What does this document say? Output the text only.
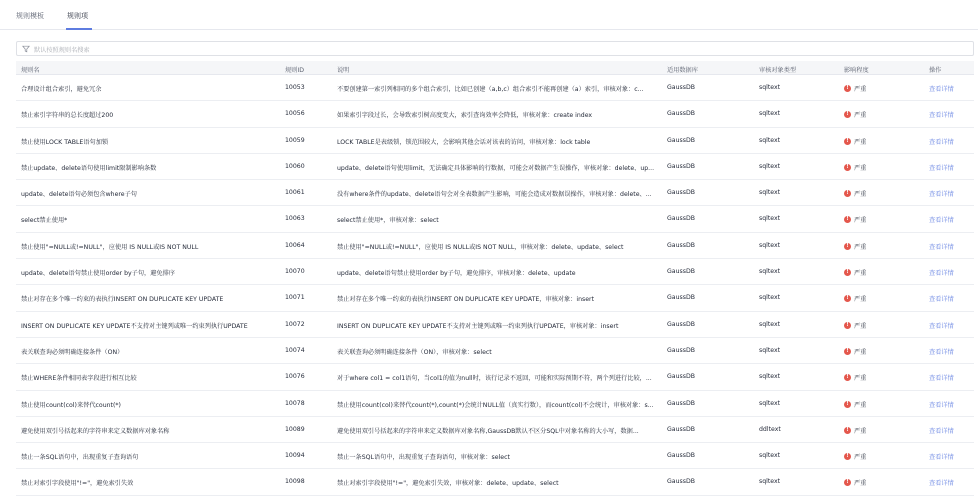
规则模板	规则项
默认按照规则名搜索
规则名	规则ID	说明	适用数据库	审核对象类型	影响程度	操作
合理设计组合索引，避免冗余	10053	不要创建第一索引列相同的多个组合索引，比如已创建（a,b,c）组合索引不能再创建（a）索引，审核对象：c...	GaussDB	sqltext	! 严重	查看详情
禁止索引字符串的总长度超过200	10056	如果索引字段过长，会导致索引树高度变大，索引查询效率会降低，审核对象：create index	GaussDB	sqltext	! 严重	查看详情
禁止使用LOCK TABLE语句加锁	10059	LOCK TABLE是表级锁，锁范围较大，会影响其他会话对该表的访问，审核对象：lock table	GaussDB	sqltext	! 严重	查看详情
禁止update、delete语句使用limit限制影响条数	10060	update、delete语句使用limit，无法确定具体影响的行数据，可能会对数据产生误操作，审核对象：delete、up...	GaussDB	sqltext	! 严重	查看详情
update、delete语句必须包含where子句	10061	没有where条件的update、delete语句会对全表数据产生影响，可能会造成对数据误操作，审核对象：delete、...	GaussDB	sqltext	! 严重	查看详情
select禁止使用*	10063	select禁止使用*，审核对象：select	GaussDB	sqltext	! 严重	查看详情
禁止使用"=NULL或!=NULL"，应使用 IS NULL或IS NOT NULL	10064	禁止使用"=NULL或!=NULL"，应使用 IS NULL或IS NOT NULL，审核对象：delete、update、select	GaussDB	sqltext	! 严重	查看详情
update、delete语句禁止使用order by子句，避免排序	10070	update、delete语句禁止使用order by子句，避免排序，审核对象：delete、update	GaussDB	sqltext	! 严重	查看详情
禁止对存在多个唯一约束的表执行INSERT ON DUPLICATE KEY UPDATE	10071	禁止对存在多个唯一约束的表执行INSERT ON DUPLICATE KEY UPDATE，审核对象：insert	GaussDB	sqltext	! 严重	查看详情
INSERT ON DUPLICATE KEY UPDATE不支持对主键列或唯一约束列执行UPDATE	10072	INSERT ON DUPLICATE KEY UPDATE不支持对主键列或唯一约束列执行UPDATE，审核对象：insert	GaussDB	sqltext	! 严重	查看详情
表关联查询必须明确连接条件（ON）	10074	表关联查询必须明确连接条件（ON），审核对象：select	GaussDB	sqltext	! 严重	查看详情
禁止WHERE条件相同表字段进行相互比较	10076	对于where col1 = col1语句，当col1的值为null时，该行记录不返回，可能和实际预期不符，两个列进行比较，...	GaussDB	sqltext	! 严重	查看详情
禁止使用count(col)来替代count(*)	10078	禁止使用count(col)来替代count(*),count(*)会统计NULL值（真实行数），而count(col)不会统计，审核对象：s...	GaussDB	sqltext	! 严重	查看详情
避免使用双引号括起来的字符串来定义数据库对象名称	10089	避免使用双引号括起来的字符串来定义数据库对象名称,GaussDB默认不区分SQL中对象名称的大小写，数据...	GaussDB	ddltext	! 严重	查看详情
禁止一条SQL语句中，出现重复子查询语句	10094	禁止一条SQL语句中，出现重复子查询语句，审核对象：select	GaussDB	sqltext	! 严重	查看详情
禁止对索引字段使用"!="，避免索引失效	10098	禁止对索引字段使用"!="，避免索引失效，审核对象：delete、update、select	GaussDB	sqltext	! 严重	查看详情
